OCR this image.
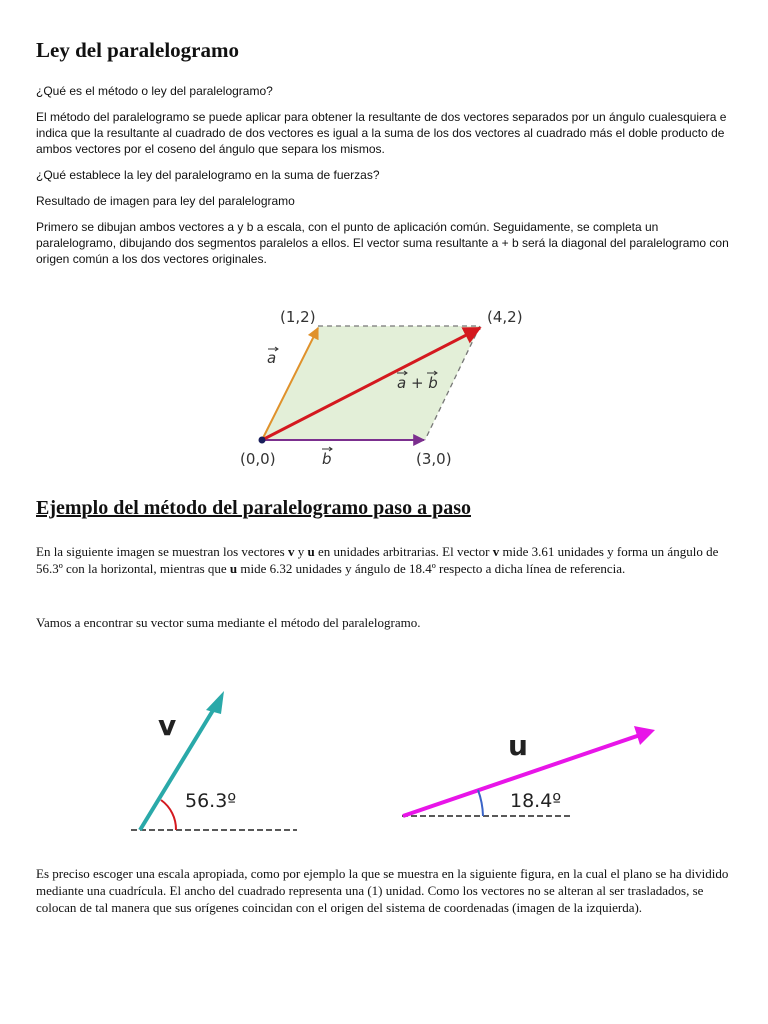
Ley del paralelogramo

¿Qué es el método o ley del paralelogramo?

El método del paralelogramo se puede aplicar para obtener la resultante de dos vectores separados por un ángulo cualesquiera e indica que la resultante al cuadrado de dos vectores es igual a la suma de los dos vectores al cuadrado más el doble producto de ambos vectores por el coseno del ángulo que separa los mismos.

¿Qué establece la ley del paralelogramo en la suma de fuerzas?

Resultado de imagen para ley del paralelogramo

Primero se dibujan ambos vectores a y b a escala, con el punto de aplicación común. Seguidamente, se completa un paralelogramo, dibujando dos segmentos paralelos a ellos. El vector suma resultante a + b será la diagonal del paralelogramo con origen común a los dos vectores originales.

(1,2)	(4,2)
(0,0)	(3,0)
a
b
a + b
Ejemplo del método del paralelogramo paso a paso

En la siguiente imagen se muestran los vectores v y u en unidades arbitrarias. El vector v mide 3.61 unidades y forma un ángulo de 56.3º con la horizontal, mientras que u mide 6.32 unidades y ángulo de 18.4º respecto a dicha línea de referencia.

Vamos a encontrar su vector suma mediante el método del paralelogramo.

v
56.3º
u
18.4º

Es preciso escoger una escala apropiada, como por ejemplo la que se muestra en la siguiente figura, en la cual el plano se ha dividido mediante una cuadrícula. El ancho del cuadrado representa una (1) unidad. Como los vectores no se alteran al ser trasladados, se colocan de tal manera que sus orígenes coincidan con el origen del sistema de coordenadas (imagen de la izquierda).
